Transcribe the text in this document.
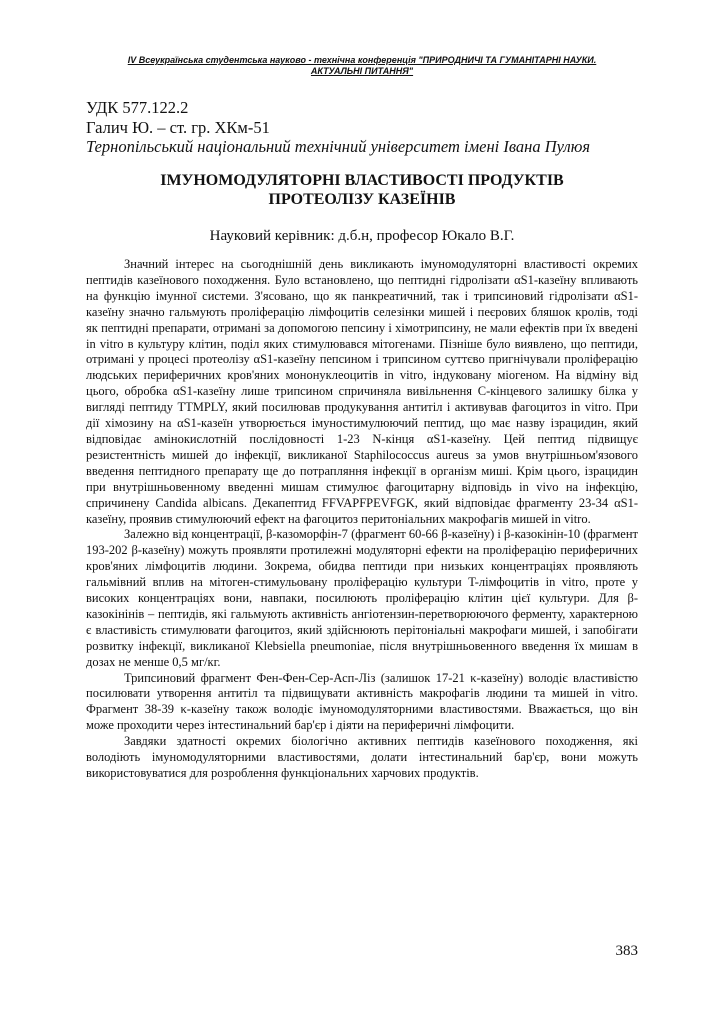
IV Всеукраїнська студентська науково - технічна конференція "ПРИРОДНИЧІ ТА ГУМАНІТАРНІ НАУКИ.
АКТУАЛЬНІ ПИТАННЯ"
УДК 577.122.2
Галич Ю. – ст. гр. ХКм-51
Тернопільський національний технічний університет імені Івана Пулюя
ІМУНОМОДУЛЯТОРНІ ВЛАСТИВОСТІ ПРОДУКТІВ
ПРОТЕОЛІЗУ КАЗЕЇНІВ
Науковий керівник: д.б.н, професор Юкало В.Г.

Значний інтерес на сьогоднішній день викликають імуномодуляторні властивості окремих пептидів казеїнового походження. Було встановлено, що пептидні гідролізати αS1-казеїну впливають на функцію імунної системи. З'ясовано, що як панкреатичний, так і трипсиновий гідролізати αS1-казеїну значно гальмують проліферацію лімфоцитів селезінки мишей і пеєрових бляшок кролів, тоді як пептидні препарати, отримані за допомогою пепсину і хімотрипсину, не мали ефектів при їх введені in vitro в культуру клітин, поділ яких стимулювався мітогенами. Пізніше було виявлено, що пептиди, отримані у процесі протеолізу αS1-казеїну пепсином і трипсином суттєво пригнічували проліферацію людських периферичних кров'яних мононуклеоцитів in vitro, індуковану міогеном. На відміну від цього, обробка αS1-казеїну лише трипсином спричиняла вивільнення C-кінцевого залишку білка у вигляді пептиду TTMPLY, який посилював продукування антитіл і активував фагоцитоз in vitro. При дії хімозину на αS1-казеїн утворюється імуностимулюючий пептид, що має назву ізрацидин, який відповідає амінокислотній послідовності 1-23 N-кінця αS1-казеїну. Цей пептид підвищує резистентність мишей до інфекції, викликаної Staphilococcus aureus за умов внутрішньом'язового введення пептидного препарату ще до потрапляння інфекції в організм миші. Крім цього, ізрацидин при внутрішньовенному введенні мишам стимулює фагоцитарну відповідь in vivo на інфекцію, спричинену Candida albicans. Декапептид FFVAPFPEVFGK, який відповідає фрагменту 23-34 αS1-казеїну, проявив стимулюючий ефект на фагоцитоз перитоніальних макрофагів мишей in vitro.

Залежно від концентрації, β-казоморфін-7 (фрагмент 60-66 β-казеїну) і β-казокінін-10 (фрагмент 193-202 β-казеїну) можуть проявляти протилежні модуляторні ефекти на проліферацію периферичних кров'яних лімфоцитів людини. Зокрема, обидва пептиди при низьких концентраціях проявляють гальмівний вплив на мітоген-стимульовану проліферацію культури T-лімфоцитів in vitro, проте у високих концентраціях вони, навпаки, посилюють проліферацію клітин цієї культури. Для β-казокінінів – пептидів, які гальмують активність ангіотензин-перетворюючого ферменту, характерною є властивість стимулювати фагоцитоз, який здійснюють перітоніальні макрофаги мишей, і запобігати розвитку інфекції, викликаної Klebsiella pneumoniae, після внутрішньовенного введення їх мишам в дозах не менше 0,5 мг/кг.

Трипсиновий фрагмент Фен-Фен-Сер-Асп-Ліз (залишок 17-21 κ-казеїну) володіє властивістю посилювати утворення антитіл та підвищувати активність макрофагів людини та мишей in vitro. Фрагмент 38-39 κ-казеїну також володіє імуномодуляторними властивостями. Вважається, що він може проходити через інтестинальний бар'єр і діяти на периферичні лімфоцити.

Завдяки здатності окремих біологічно активних пептидів казеїнового походження, які володіють імуномодуляторними властивостями, долати інтестинальний бар'єр, вони можуть використовуватися для розроблення функціональних харчових продуктів.

383
